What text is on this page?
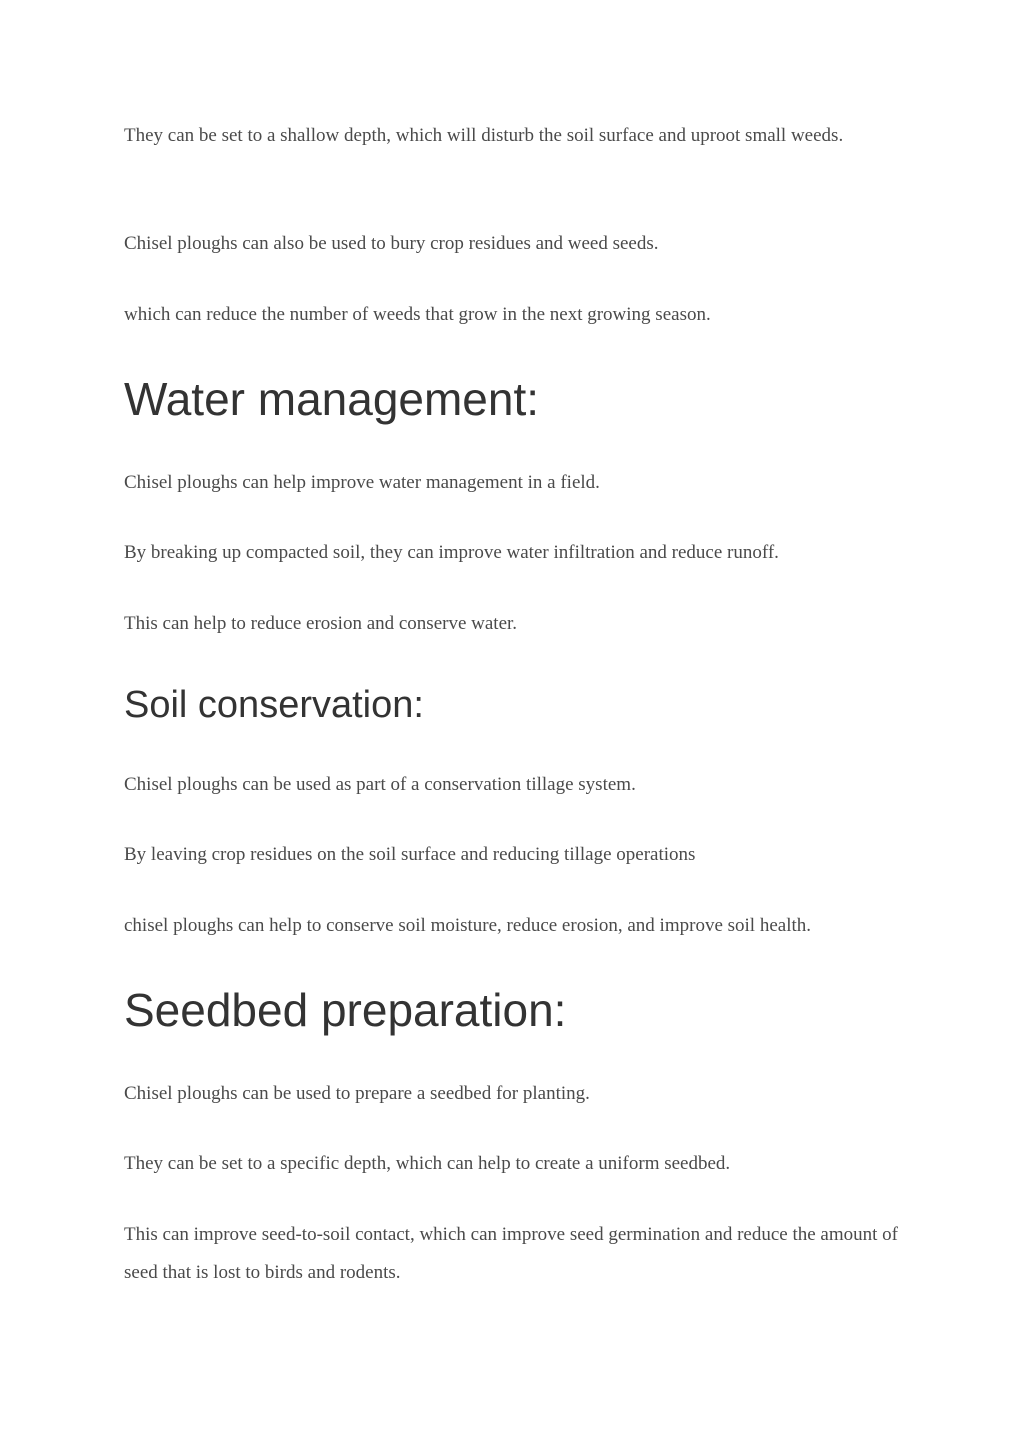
They can be set to a shallow depth, which will disturb the soil surface and uproot small weeds.

Chisel ploughs can also be used to bury crop residues and weed seeds.

which can reduce the number of weeds that grow in the next growing season.

Water management:

Chisel ploughs can help improve water management in a field.

By breaking up compacted soil, they can improve water infiltration and reduce runoff.

This can help to reduce erosion and conserve water.

Soil conservation:

Chisel ploughs can be used as part of a conservation tillage system.

By leaving crop residues on the soil surface and reducing tillage operations

chisel ploughs can help to conserve soil moisture, reduce erosion, and improve soil health.

Seedbed preparation:

Chisel ploughs can be used to prepare a seedbed for planting.

They can be set to a specific depth, which can help to create a uniform seedbed.

This can improve seed-to-soil contact, which can improve seed germination and reduce the amount of seed that is lost to birds and rodents.
